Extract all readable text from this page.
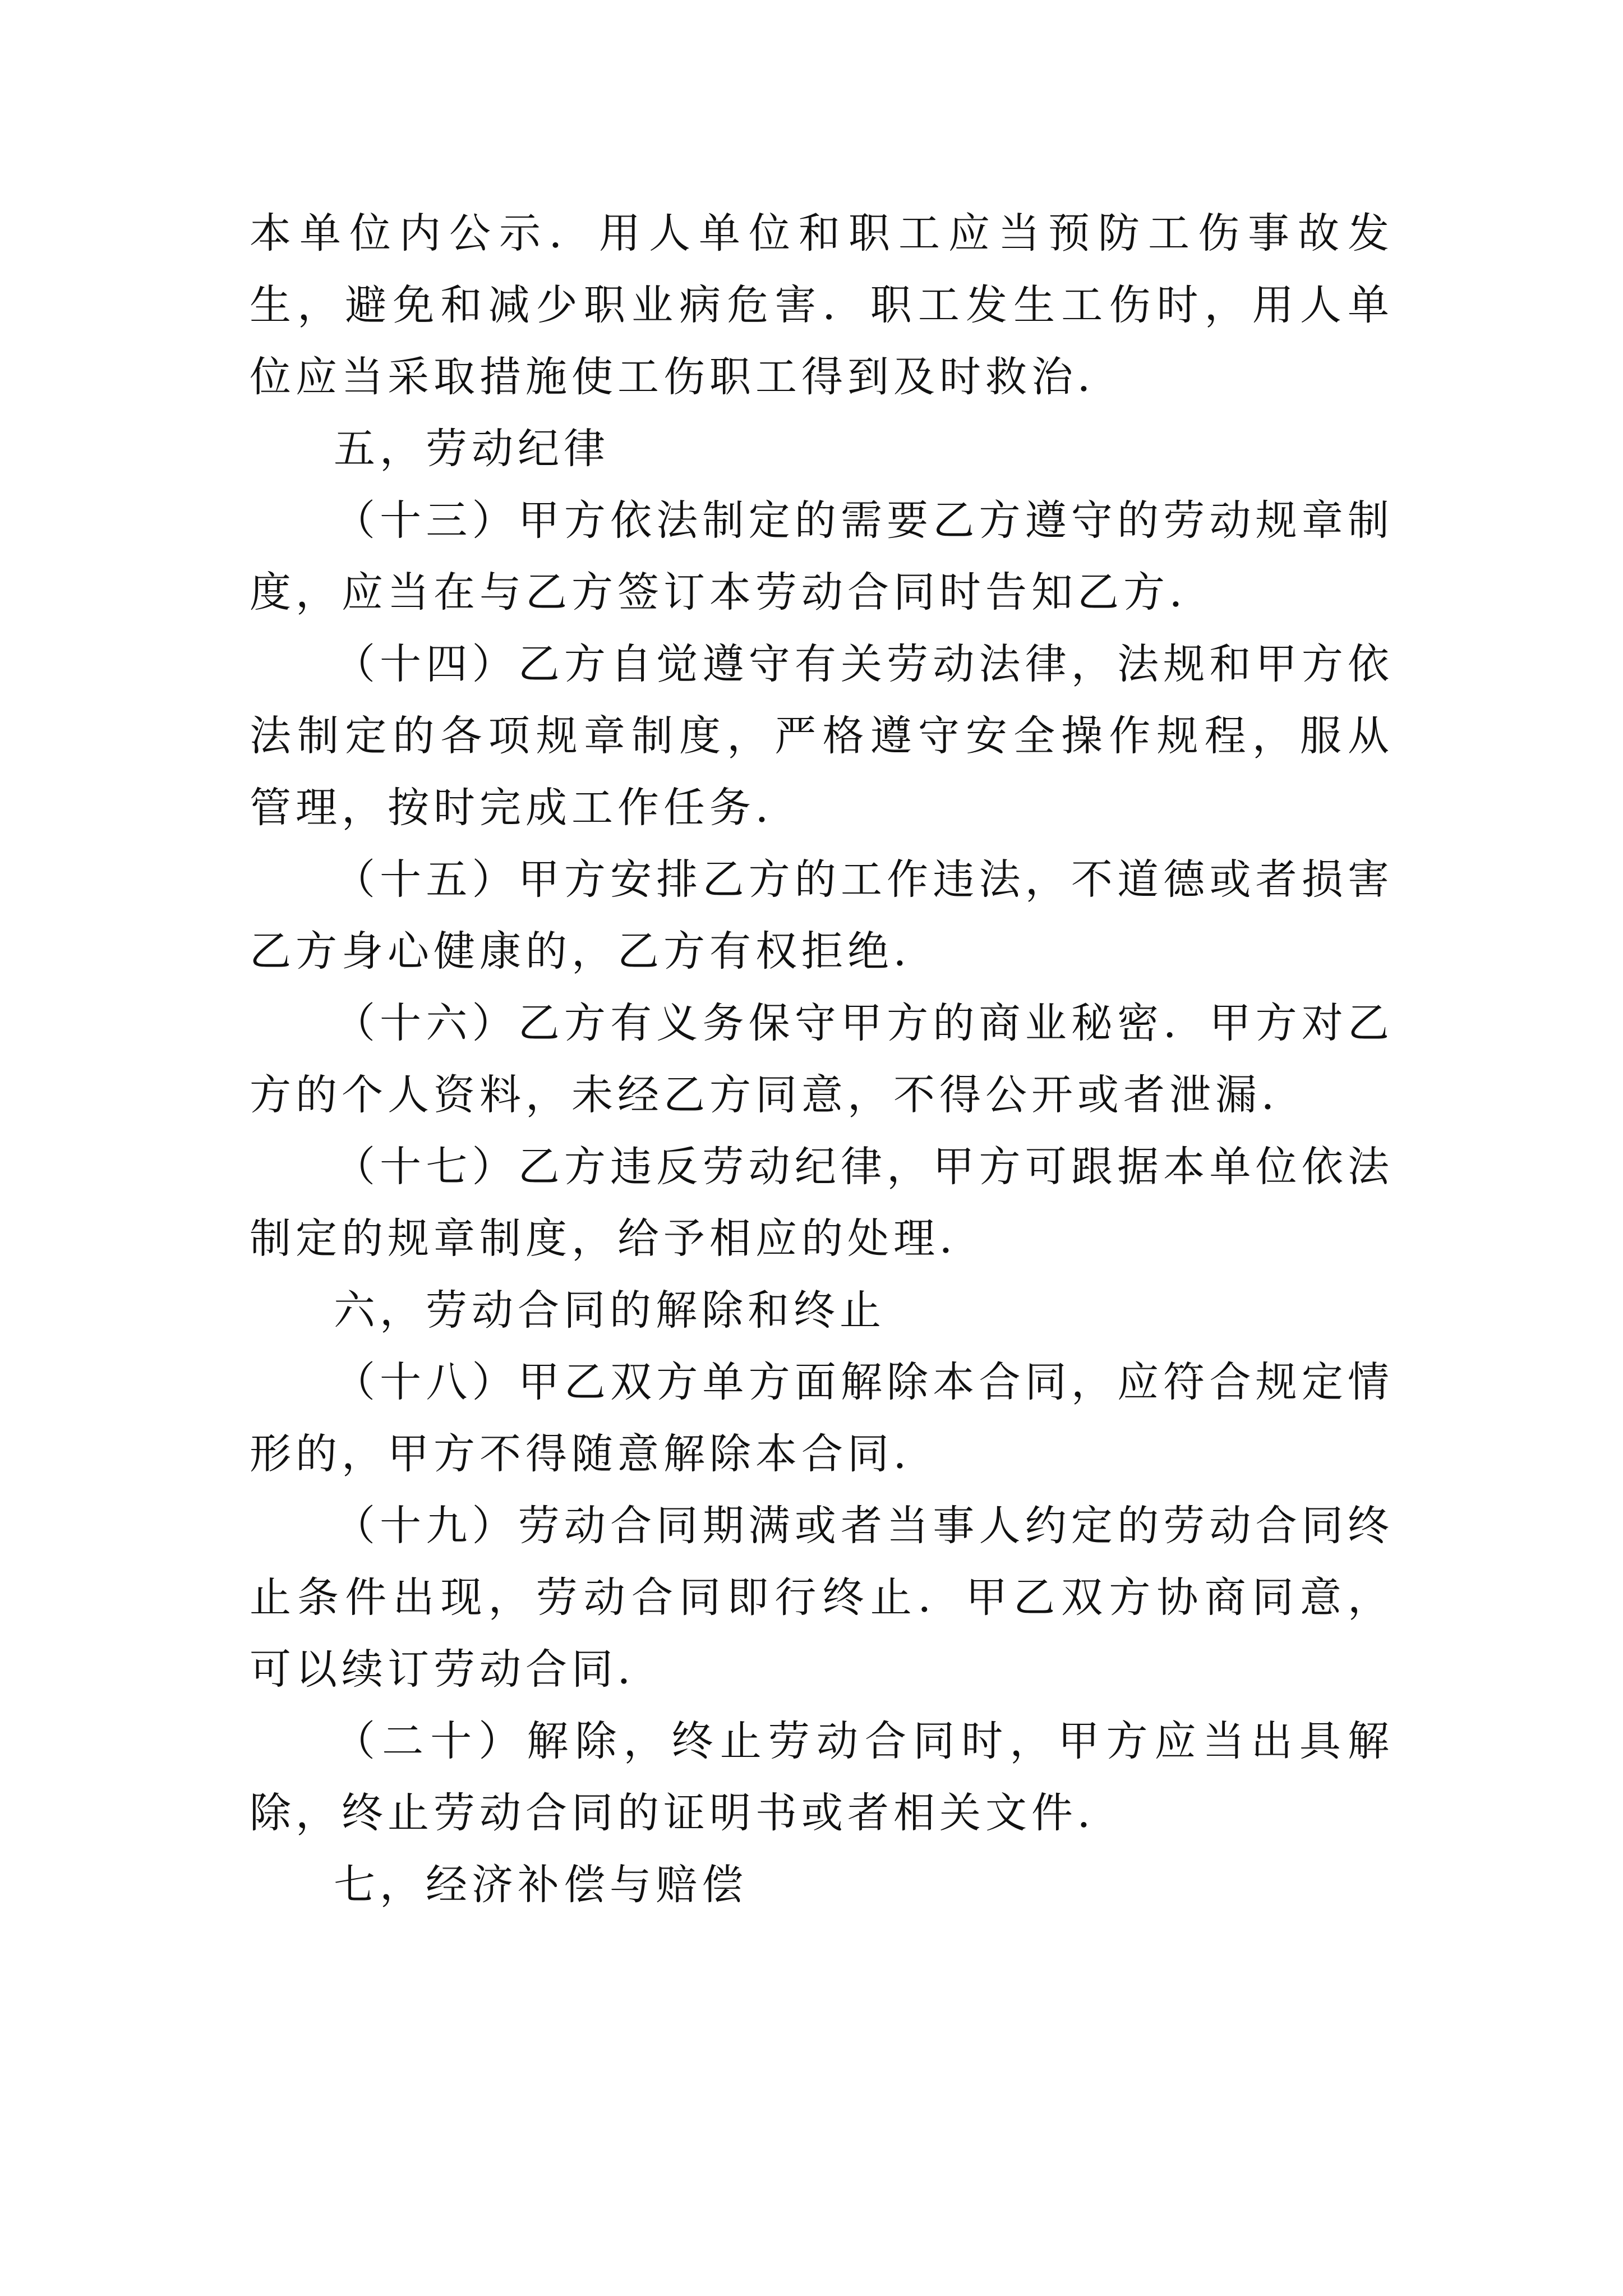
本单位内公示．用人单位和职工应当预防工伤事故发生，避免和减少职业病危害．职工发生工伤时，用人单位应当采取措施使工伤职工得到及时救治．

五，劳动纪律

（十三）甲方依法制定的需要乙方遵守的劳动规章制度，应当在与乙方签订本劳动合同时告知乙方．

（十四）乙方自觉遵守有关劳动法律，法规和甲方依法制定的各项规章制度，严格遵守安全操作规程，服从管理，按时完成工作任务．

（十五）甲方安排乙方的工作违法，不道德或者损害乙方身心健康的，乙方有权拒绝．

（十六）乙方有义务保守甲方的商业秘密．甲方对乙方的个人资料，未经乙方同意，不得公开或者泄漏．

（十七）乙方违反劳动纪律，甲方可跟据本单位依法制定的规章制度，给予相应的处理．

六，劳动合同的解除和终止

（十八）甲乙双方单方面解除本合同，应符合规定情形的，甲方不得随意解除本合同．

（十九）劳动合同期满或者当事人约定的劳动合同终止条件出现，劳动合同即行终止．甲乙双方协商同意，可以续订劳动合同．

（二十）解除，终止劳动合同时，甲方应当出具解除，终止劳动合同的证明书或者相关文件．

七，经济补偿与赔偿
